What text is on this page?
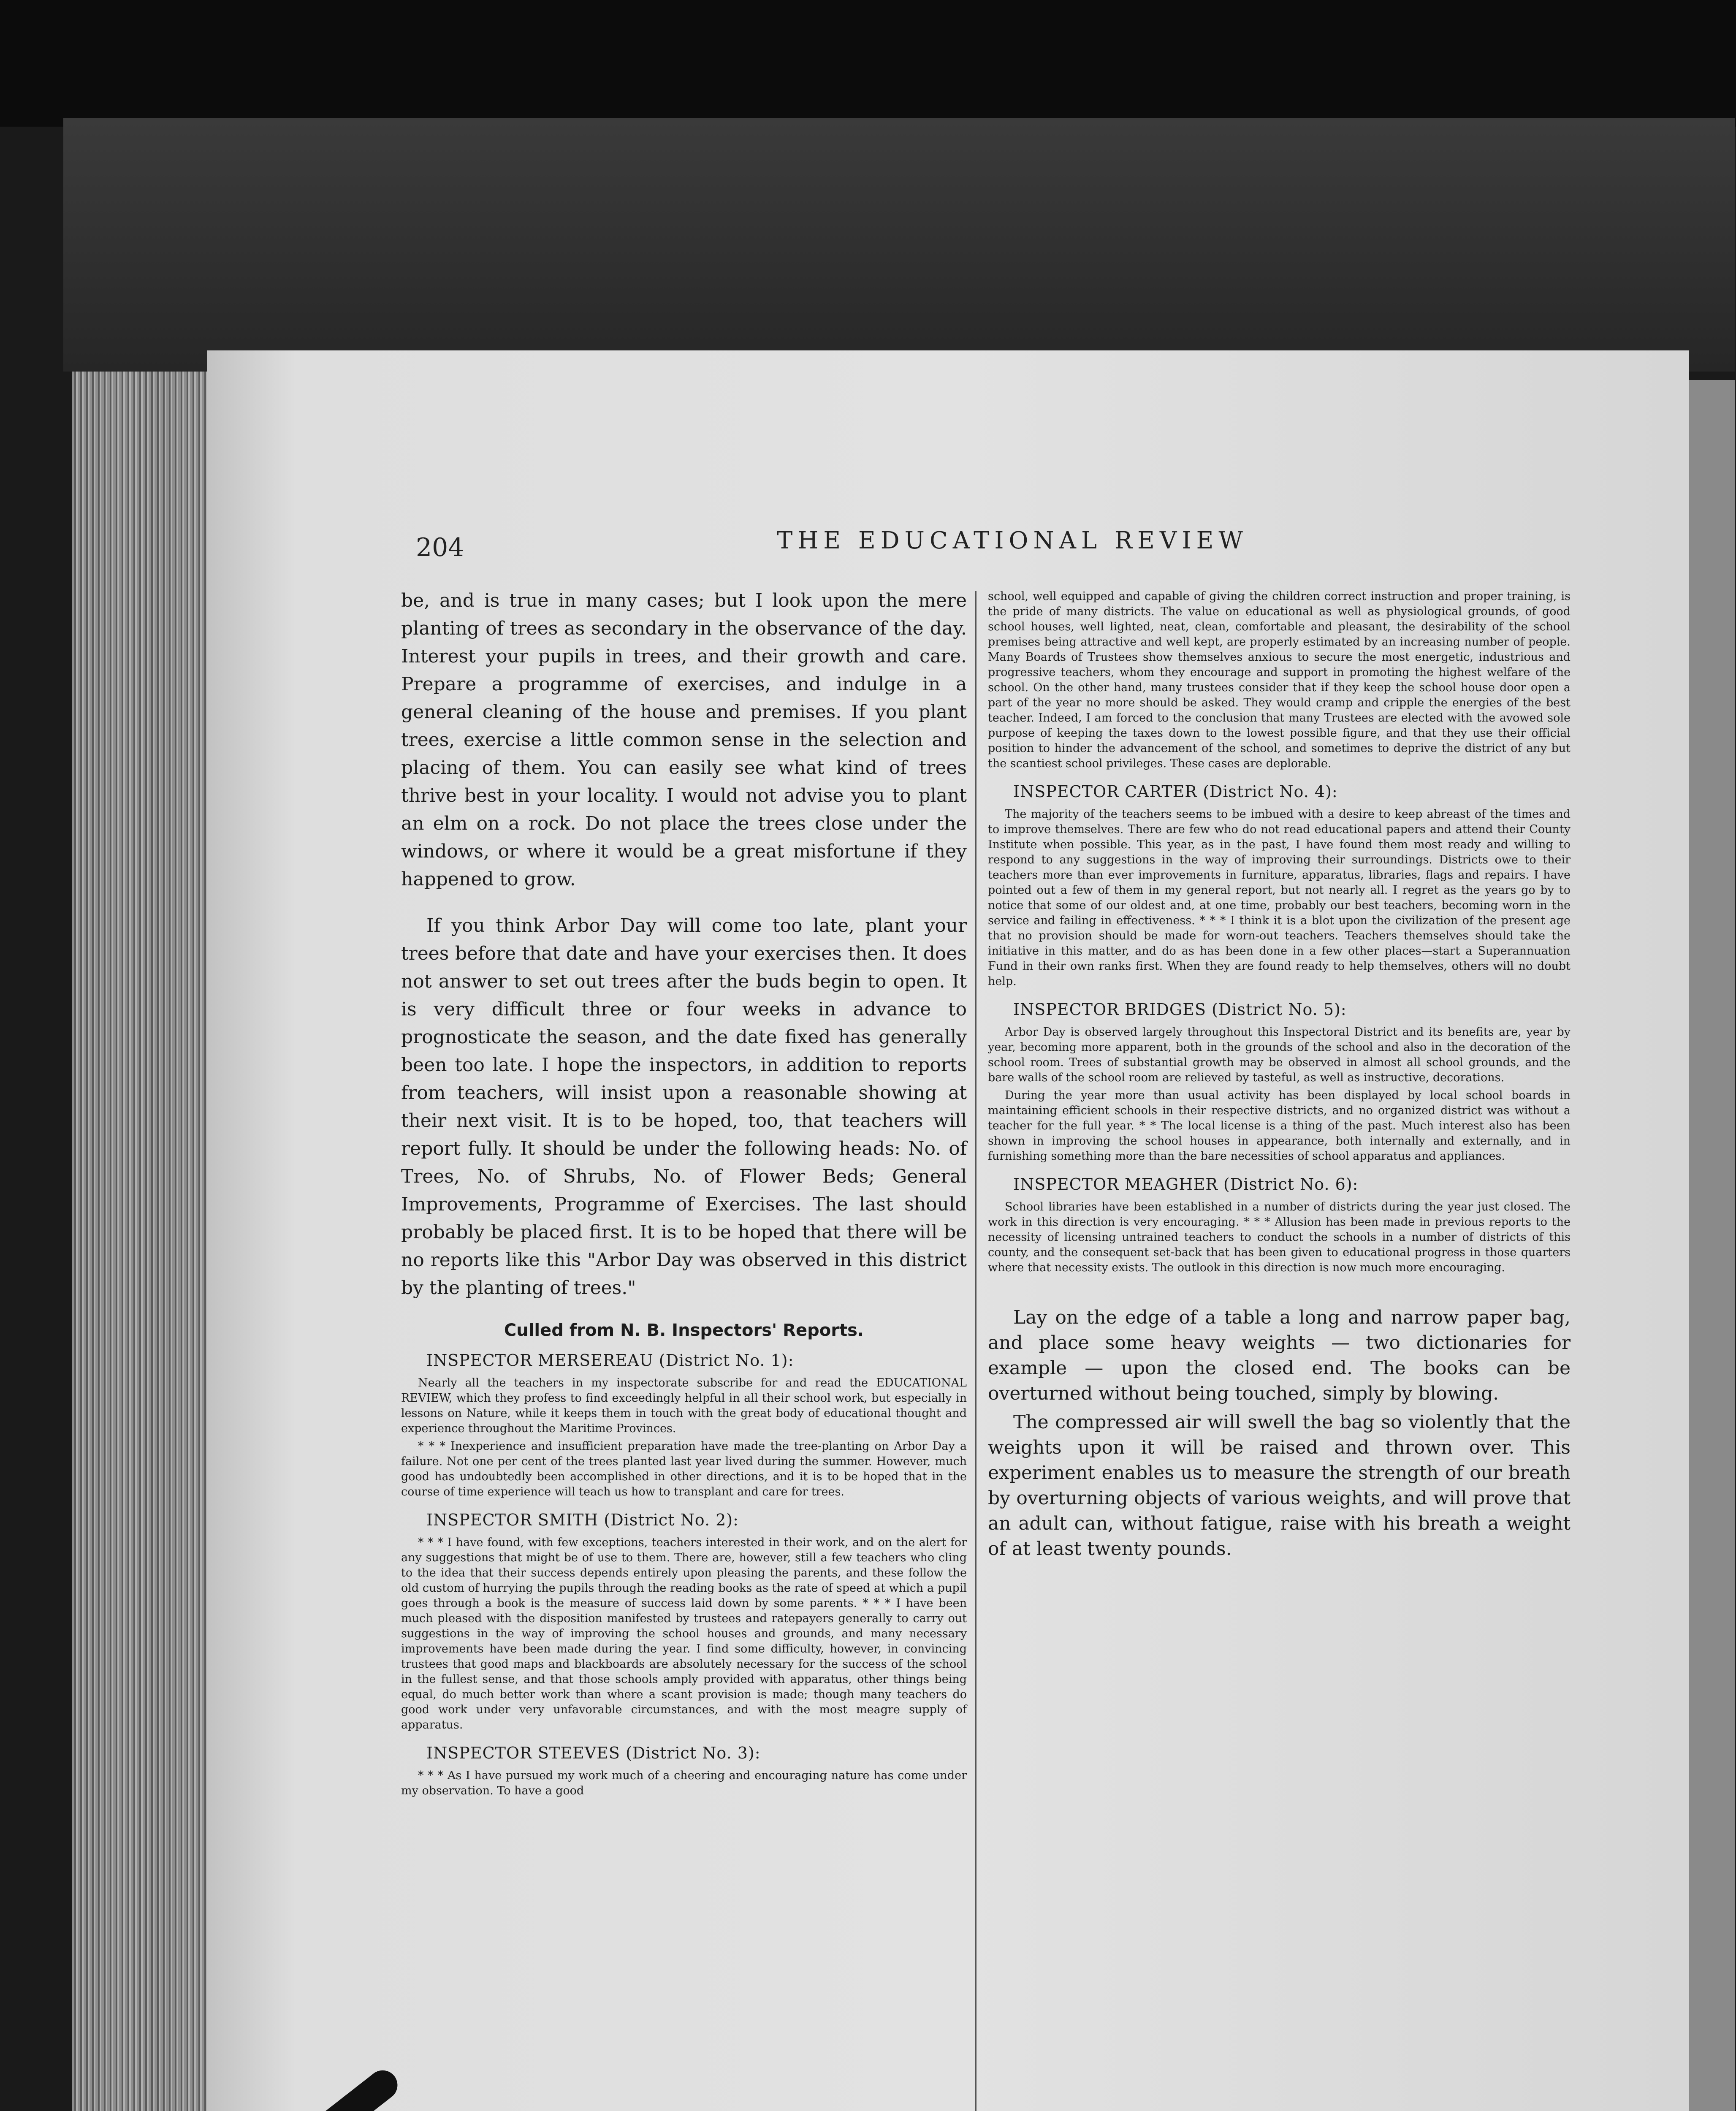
204	THE EDUCATIONAL REVIEW

be, and is true in many cases; but I look upon the mere planting of trees as secondary in the observance of the day. Interest your pupils in trees, and their growth and care. Prepare a programme of exercises, and indulge in a general cleaning of the house and premises. If you plant trees, exercise a little common sense in the selection and placing of them. You can easily see what kind of trees thrive best in your locality. I would not advise you to plant an elm on a rock. Do not place the trees close under the windows, or where it would be a great misfortune if they happened to grow.

If you think Arbor Day will come too late, plant your trees before that date and have your exercises then. It does not answer to set out trees after the buds begin to open. It is very difficult three or four weeks in advance to prognosticate the season, and the date fixed has generally been too late. I hope the inspectors, in addition to reports from teachers, will insist upon a reasonable showing at their next visit. It is to be hoped, too, that teachers will report fully. It should be under the following heads: No. of Trees, No. of Shrubs, No. of Flower Beds; General Improvements, Programme of Exercises. The last should probably be placed first. It is to be hoped that there will be no reports like this "Arbor Day was observed in this district by the planting of trees."

Culled from N. B. Inspectors' Reports.
INSPECTOR MERSEREAU (District No. 1):

Nearly all the teachers in my inspectorate subscribe for and read the EDUCATIONAL REVIEW, which they profess to find exceedingly helpful in all their school work, but especially in lessons on Nature, while it keeps them in touch with the great body of educational thought and experience throughout the Maritime Provinces.

* * * Inexperience and insufficient preparation have made the tree-planting on Arbor Day a failure. Not one per cent of the trees planted last year lived during the summer. However, much good has undoubtedly been accomplished in other directions, and it is to be hoped that in the course of time experience will teach us how to transplant and care for trees.

INSPECTOR SMITH (District No. 2):

* * * I have found, with few exceptions, teachers interested in their work, and on the alert for any suggestions that might be of use to them. There are, however, still a few teachers who cling to the idea that their success depends entirely upon pleasing the parents, and these follow the old custom of hurrying the pupils through the reading books as the rate of speed at which a pupil goes through a book is the measure of success laid down by some parents. * * * I have been much pleased with the disposition manifested by trustees and ratepayers generally to carry out suggestions in the way of improving the school houses and grounds, and many necessary improvements have been made during the year. I find some difficulty, however, in convincing trustees that good maps and blackboards are absolutely necessary for the success of the school in the fullest sense, and that those schools amply provided with apparatus, other things being equal, do much better work than where a scant provision is made; though many teachers do good work under very unfavorable circumstances, and with the most meagre supply of apparatus.

INSPECTOR STEEVES (District No. 3):

* * * As I have pursued my work much of a cheering and encouraging nature has come under my observation. To have a good

school, well equipped and capable of giving the children correct instruction and proper training, is the pride of many districts. The value on educational as well as physiological grounds, of good school houses, well lighted, neat, clean, comfortable and pleasant, the desirability of the school premises being attractive and well kept, are properly estimated by an increasing number of people. Many Boards of Trustees show themselves anxious to secure the most energetic, industrious and progressive teachers, whom they encourage and support in promoting the highest welfare of the school. On the other hand, many trustees consider that if they keep the school house door open a part of the year no more should be asked. They would cramp and cripple the energies of the best teacher. Indeed, I am forced to the conclusion that many Trustees are elected with the avowed sole purpose of keeping the taxes down to the lowest possible figure, and that they use their official position to hinder the advancement of the school, and sometimes to deprive the district of any but the scantiest school privileges. These cases are deplorable.

INSPECTOR CARTER (District No. 4):

The majority of the teachers seems to be imbued with a desire to keep abreast of the times and to improve themselves. There are few who do not read educational papers and attend their County Institute when possible. This year, as in the past, I have found them most ready and willing to respond to any suggestions in the way of improving their surroundings. Districts owe to their teachers more than ever improvements in furniture, apparatus, libraries, flags and repairs. I have pointed out a few of them in my general report, but not nearly all. I regret as the years go by to notice that some of our oldest and, at one time, probably our best teachers, becoming worn in the service and failing in effectiveness. * * * I think it is a blot upon the civilization of the present age that no provision should be made for worn-out teachers. Teachers themselves should take the initiative in this matter, and do as has been done in a few other places—start a Superannuation Fund in their own ranks first. When they are found ready to help themselves, others will no doubt help.

INSPECTOR BRIDGES (District No. 5):

Arbor Day is observed largely throughout this Inspectoral District and its benefits are, year by year, becoming more apparent, both in the grounds of the school and also in the decoration of the school room. Trees of substantial growth may be observed in almost all school grounds, and the bare walls of the school room are relieved by tasteful, as well as instructive, decorations.

During the year more than usual activity has been displayed by local school boards in maintaining efficient schools in their respective districts, and no organized district was without a teacher for the full year. * * The local license is a thing of the past. Much interest also has been shown in improving the school houses in appearance, both internally and externally, and in furnishing something more than the bare necessities of school apparatus and appliances.

INSPECTOR MEAGHER (District No. 6):

School libraries have been established in a number of districts during the year just closed. The work in this direction is very encouraging. * * * Allusion has been made in previous reports to the necessity of licensing untrained teachers to conduct the schools in a number of districts of this county, and the consequent set-back that has been given to educational progress in those quarters where that necessity exists. The outlook in this direction is now much more encouraging.

Lay on the edge of a table a long and narrow paper bag, and place some heavy weights — two dictionaries for example — upon the closed end. The books can be overturned without being touched, simply by blowing.

The compressed air will swell the bag so violently that the weights upon it will be raised and thrown over. This experiment enables us to measure the strength of our breath by overturning objects of various weights, and will prove that an adult can, without fatigue, raise with his breath a weight of at least twenty pounds.
